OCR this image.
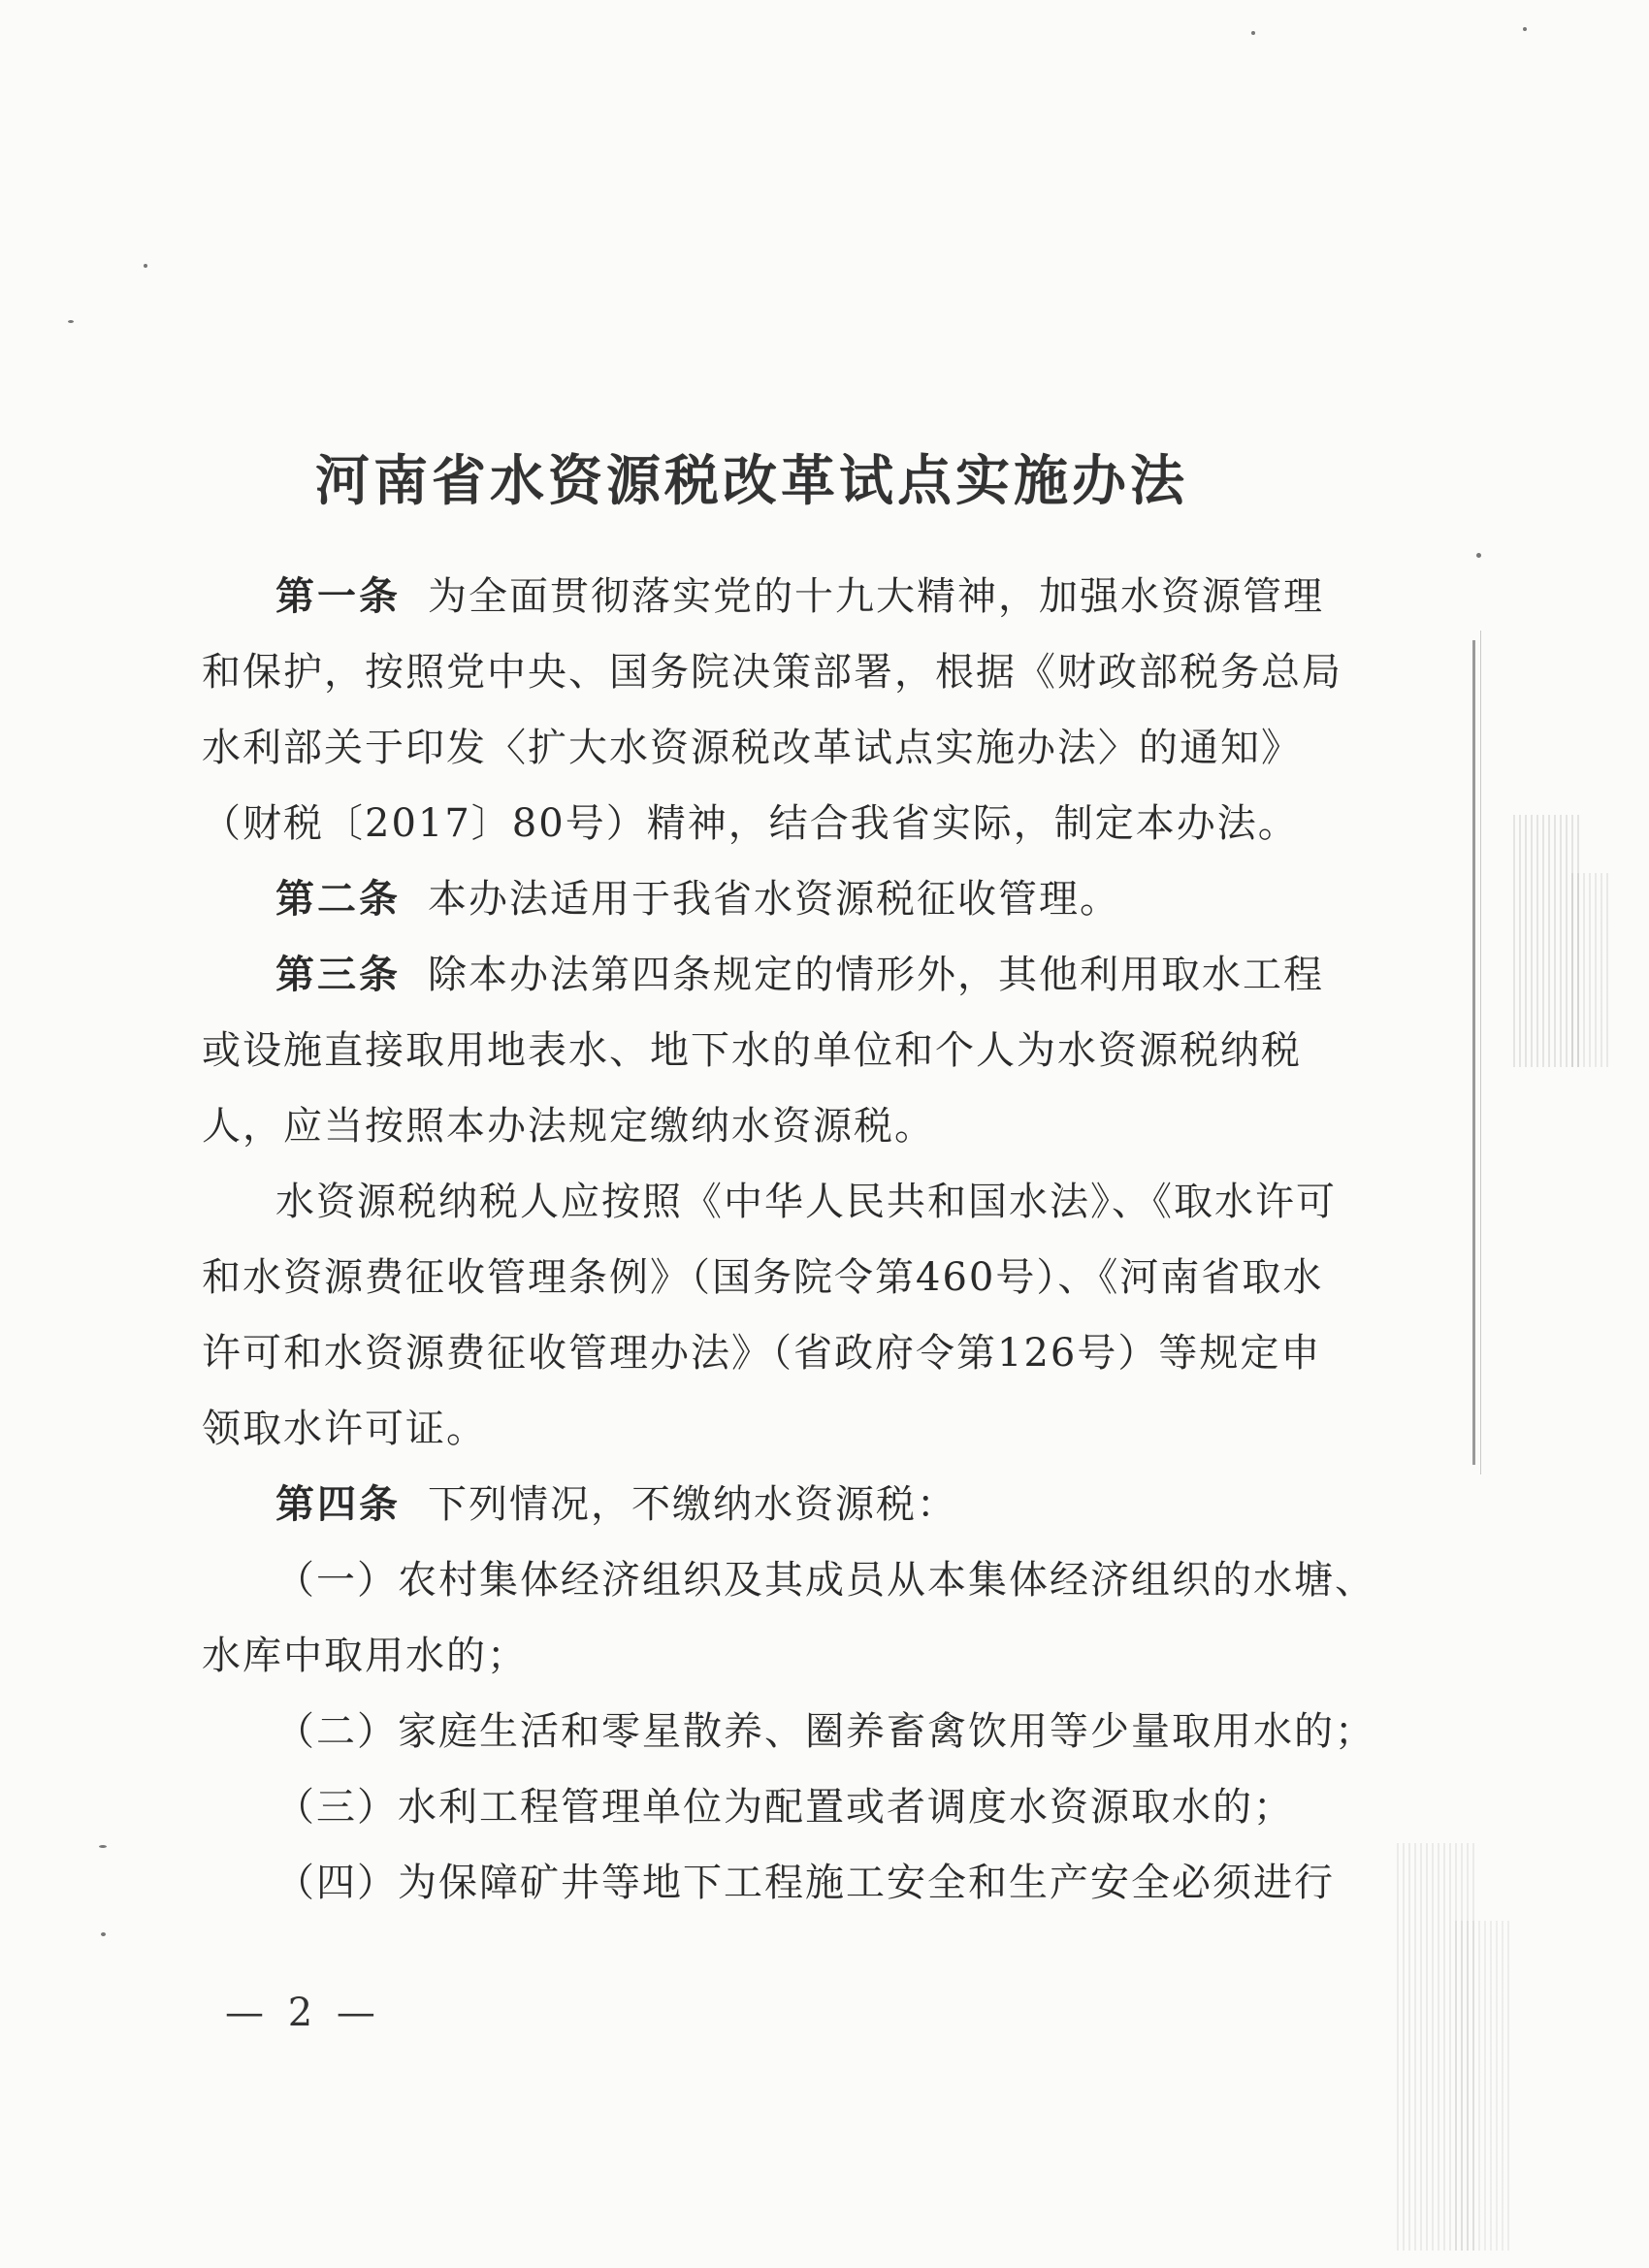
河南省水资源税改革试点实施办法
第一条 为全面贯彻落实党的十九大精神，加强水资源管理
和保护，按照党中央、国务院决策部署，根据《财政部税务总局
水利部关于印发〈扩大水资源税改革试点实施办法〉的通知》
（财税〔2017〕80号）精神，结合我省实际，制定本办法。
第二条 本办法适用于我省水资源税征收管理。
第三条 除本办法第四条规定的情形外，其他利用取水工程
或设施直接取用地表水、地下水的单位和个人为水资源税纳税
人，应当按照本办法规定缴纳水资源税。
水资源税纳税人应按照《中华人民共和国水法》、《取水许可
和水资源费征收管理条例》（国务院令第460号）、《河南省取水
许可和水资源费征收管理办法》（省政府令第126号）等规定申
领取水许可证。
第四条 下列情况，不缴纳水资源税：
（一）农村集体经济组织及其成员从本集体经济组织的水塘、
水库中取用水的；
（二）家庭生活和零星散养、圈养畜禽饮用等少量取用水的；
（三）水利工程管理单位为配置或者调度水资源取水的；
（四）为保障矿井等地下工程施工安全和生产安全必须进行
— 2 —
